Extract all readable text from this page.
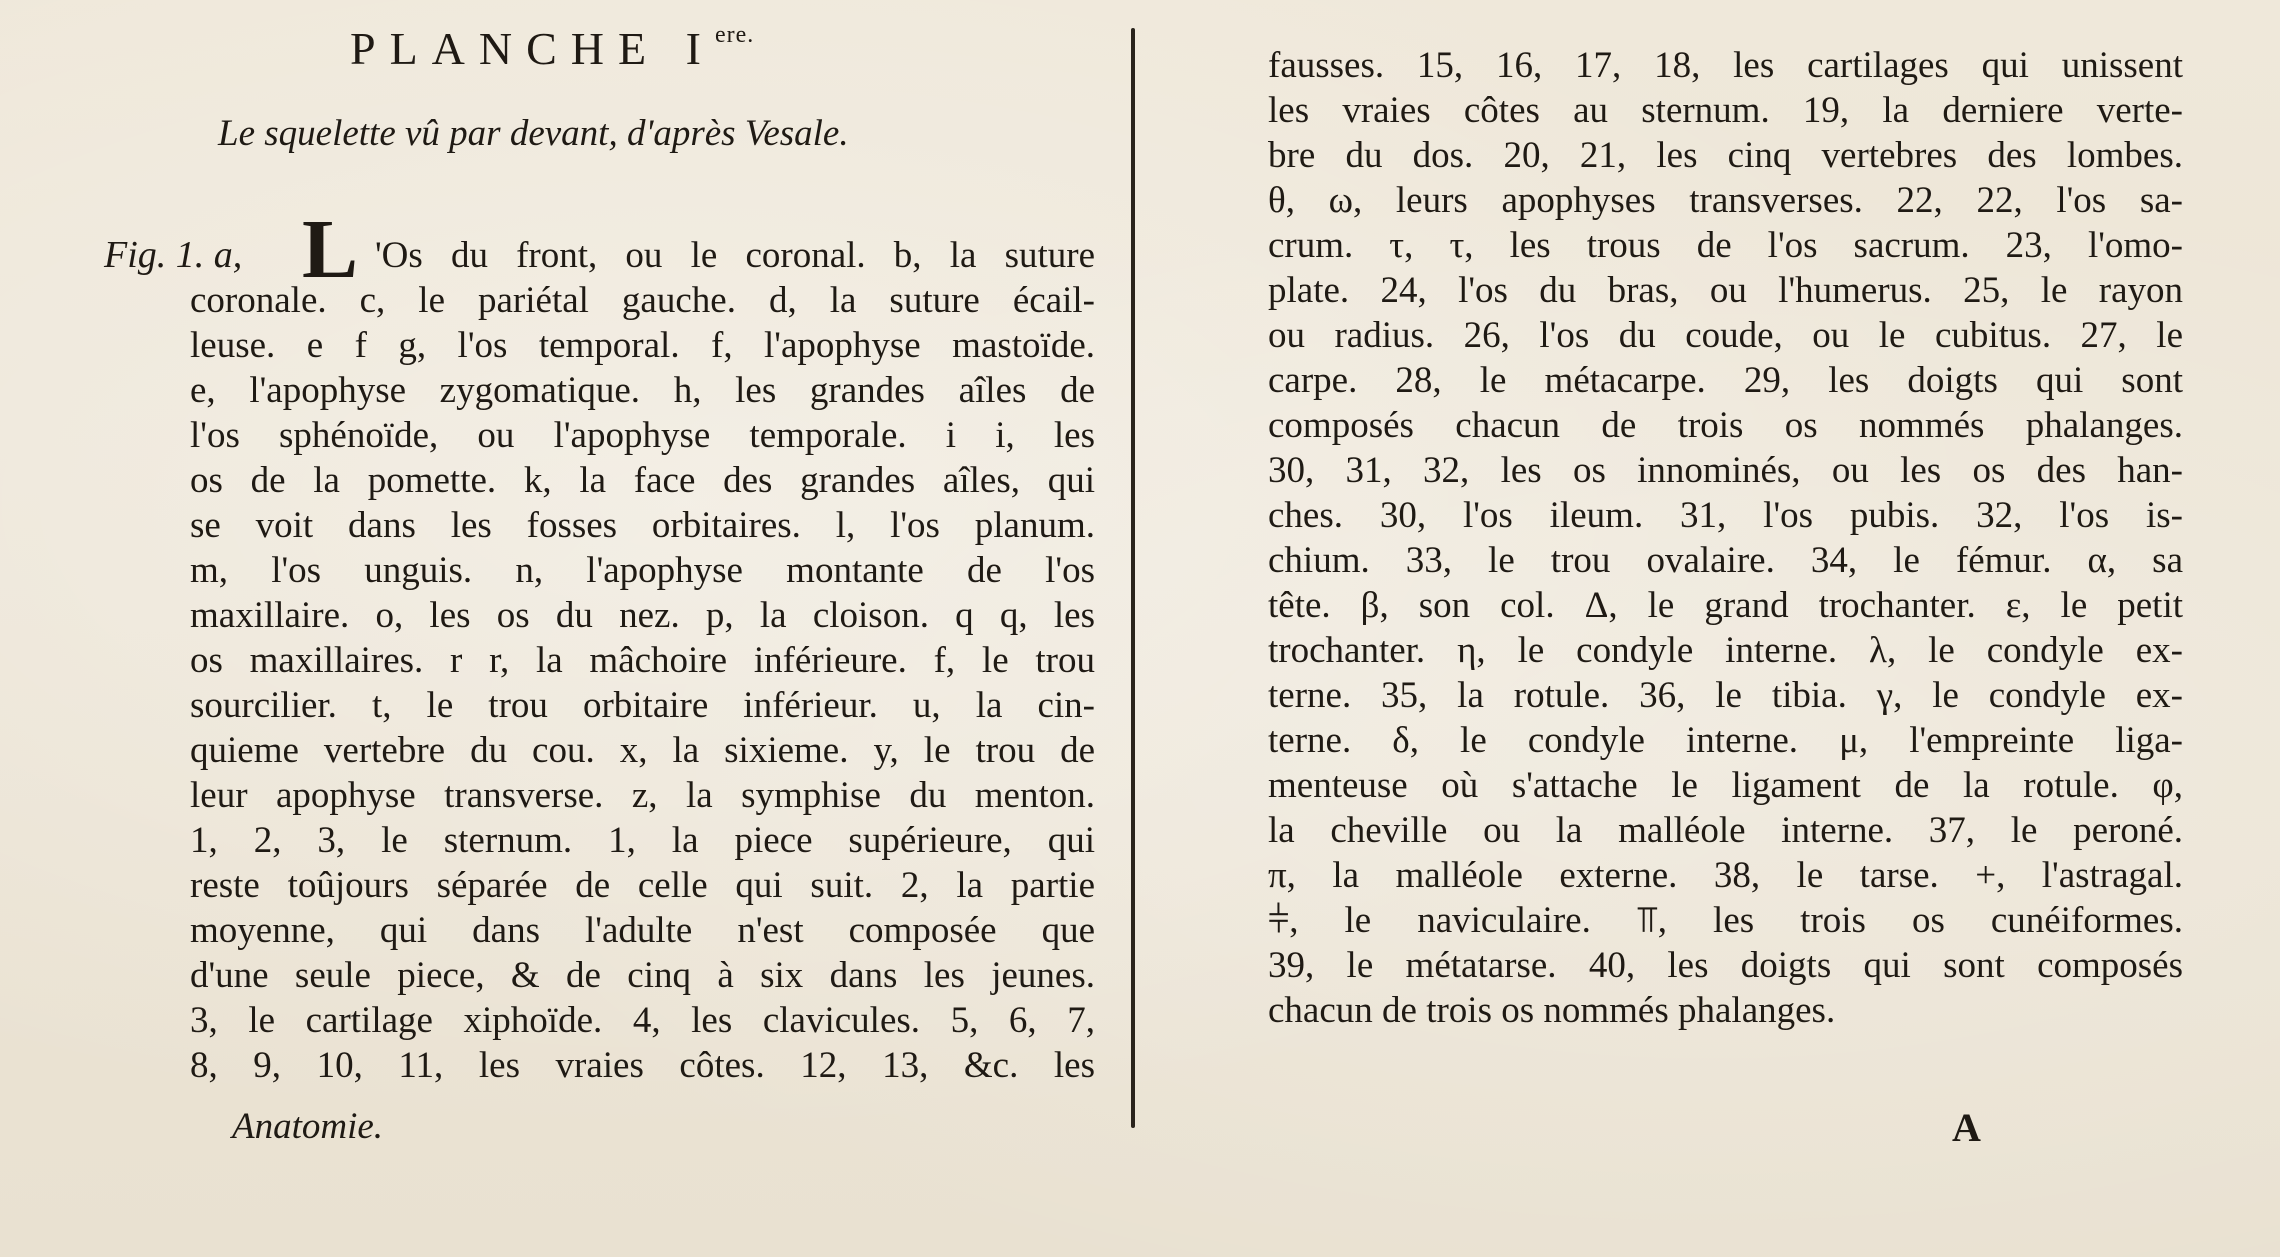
PLANCHE $I^{ere.}$
Le squelette vû par devant, d'après Vesale.
Fig. 1. a, L 'Os du front, ou le coronal. b, la suture
coronale. c, le pariétal gauche. d, la suture écail-
leuse. e f g, l'os temporal. f, l'apophyse mastoïde.
e, l'apophyse zygomatique. h, les grandes aîles de
l'os sphénoïde, ou l'apophyse temporale. i i, les
os de la pomette. k, la face des grandes aîles, qui
se voit dans les fosses orbitaires. l, l'os planum.
m, l'os unguis. n, l'apophyse montante de l'os
maxillaire. o, les os du nez. p, la cloison. q q, les
os maxillaires. r r, la mâchoire inférieure. f, le trou
sourcilier. t, le trou orbitaire inférieur. u, la cin-
quieme vertebre du cou. x, la sixieme. y, le trou de
leur apophyse transverse. z, la symphise du menton.
1, 2, 3, le sternum. 1, la piece supérieure, qui
reste toûjours séparée de celle qui suit. 2, la partie
moyenne, qui dans l'adulte n'est composée que
d'une seule piece, & de cinq à six dans les jeunes.
3, le cartilage xiphoïde. 4, les clavicules. 5, 6, 7,
8, 9, 10, 11, les vraies côtes. 12, 13, &c. les
Anatomie.
fausses. 15, 16, 17, 18, les cartilages qui unissent
les vraies côtes au sternum. 19, la derniere verte-
bre du dos. 20, 21, les cinq vertebres des lombes.
θ, ω, leurs apophyses transverses. 22, 22, l'os sa-
crum. τ, τ, les trous de l'os sacrum. 23, l'omo-
plate. 24, l'os du bras, ou l'humerus. 25, le rayon
ou radius. 26, l'os du coude, ou le cubitus. 27, le
carpe. 28, le métacarpe. 29, les doigts qui sont
composés chacun de trois os nommés phalanges.
30, 31, 32, les os innominés, ou les os des han-
ches. 30, l'os ileum. 31, l'os pubis. 32, l'os is-
chium. 33, le trou ovalaire. 34, le fémur. α, sa
tête. β, son col. Δ, le grand trochanter. ε, le petit
trochanter. η, le condyle interne. λ, le condyle ex-
terne. 35, la rotule. 36, le tibia. γ, le condyle ex-
terne. δ, le condyle interne. μ, l'empreinte liga-
menteuse où s'attache le ligament de la rotule. φ,
la cheville ou la malléole interne. 37, le peroné.
π, la malléole externe. 38, le tarse. +, l'astragal.
⫩, le naviculaire. ⫪, les trois os cunéiformes.
39, le métatarse. 40, les doigts qui sont composés
chacun de trois os nommés phalanges.
A
